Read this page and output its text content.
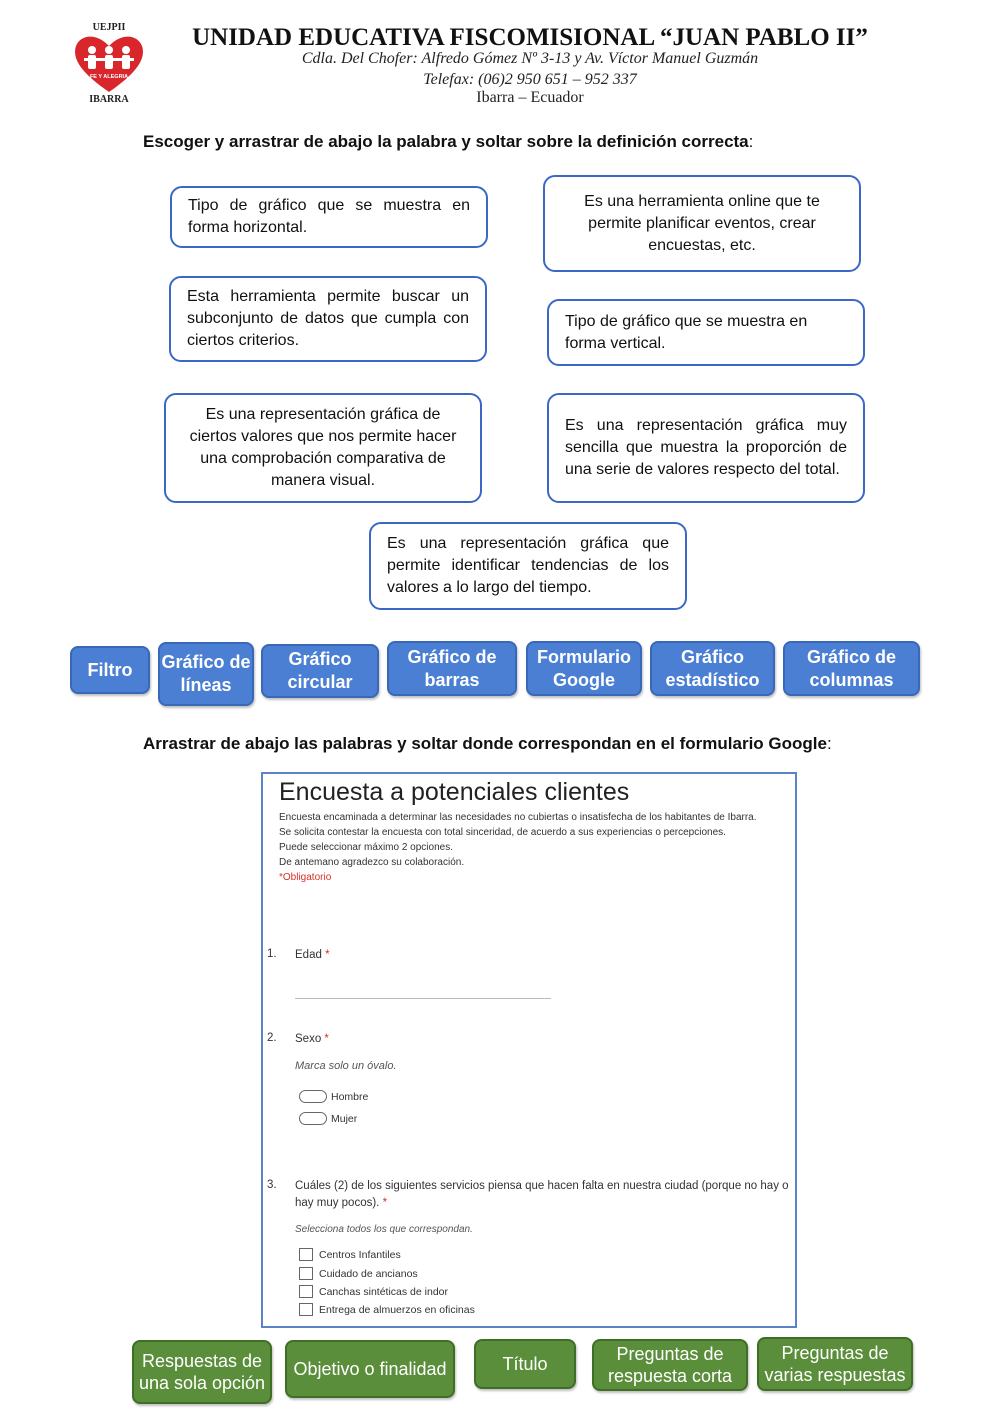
UEJPII
FE Y ALEGRIA
IBARRA
UNIDAD EDUCATIVA FISCOMISIONAL “JUAN PABLO II”
Cdla. Del Chofer: Alfredo Gómez Nº 3-13 y Av. Víctor Manuel Guzmán
Telefax: (06)2 950 651 – 952 337
Ibarra – Ecuador
Escoger y arrastrar de abajo la palabra y soltar sobre la definición correcta:
Tipo de gráfico que se muestra en forma horizontal.
Es una herramienta online que te permite planificar eventos, crear encuestas, etc.
Esta herramienta permite buscar un subconjunto de datos que cumpla con ciertos criterios.
Tipo de gráfico que se muestra en forma vertical.
Es una representación gráfica de ciertos valores que nos permite hacer una comprobación comparativa de manera visual.
Es una representación gráfica muy sencilla que muestra la proporción de una serie de valores respecto del total.
Es una representación gráfica que permite identificar tendencias de los valores a lo largo del tiempo.
Filtro	Gráfico de líneas
Gráfico circular
Gráfico de barras
Formulario Google
Gráfico estadístico
Gráfico de columnas
Arrastrar de abajo las palabras y soltar donde correspondan en el formulario Google:
Encuesta a potenciales clientes
Encuesta encaminada a determinar las necesidades no cubiertas o insatisfecha de los habitantes de Ibarra.
Se solicita contestar la encuesta con total sinceridad, de acuerdo a sus experiencias o percepciones.
Puede seleccionar máximo 2 opciones.
De antemano agradezco su colaboración.
*Obligatorio
1. Edad *
2. Sexo *
Marca solo un óvalo.
Hombre
Mujer
3. Cuáles (2) de los siguientes servicios piensa que hacen falta en nuestra ciudad (porque no hay o hay muy pocos). *
Selecciona todos los que correspondan.
Centros Infantiles
Cuidado de ancianos
Canchas sintéticas de indor
Entrega de almuerzos en oficinas
Respuestas de una sola opción
Objetivo o finalidad	Título	Preguntas de respuesta corta
Preguntas de varias respuestas
